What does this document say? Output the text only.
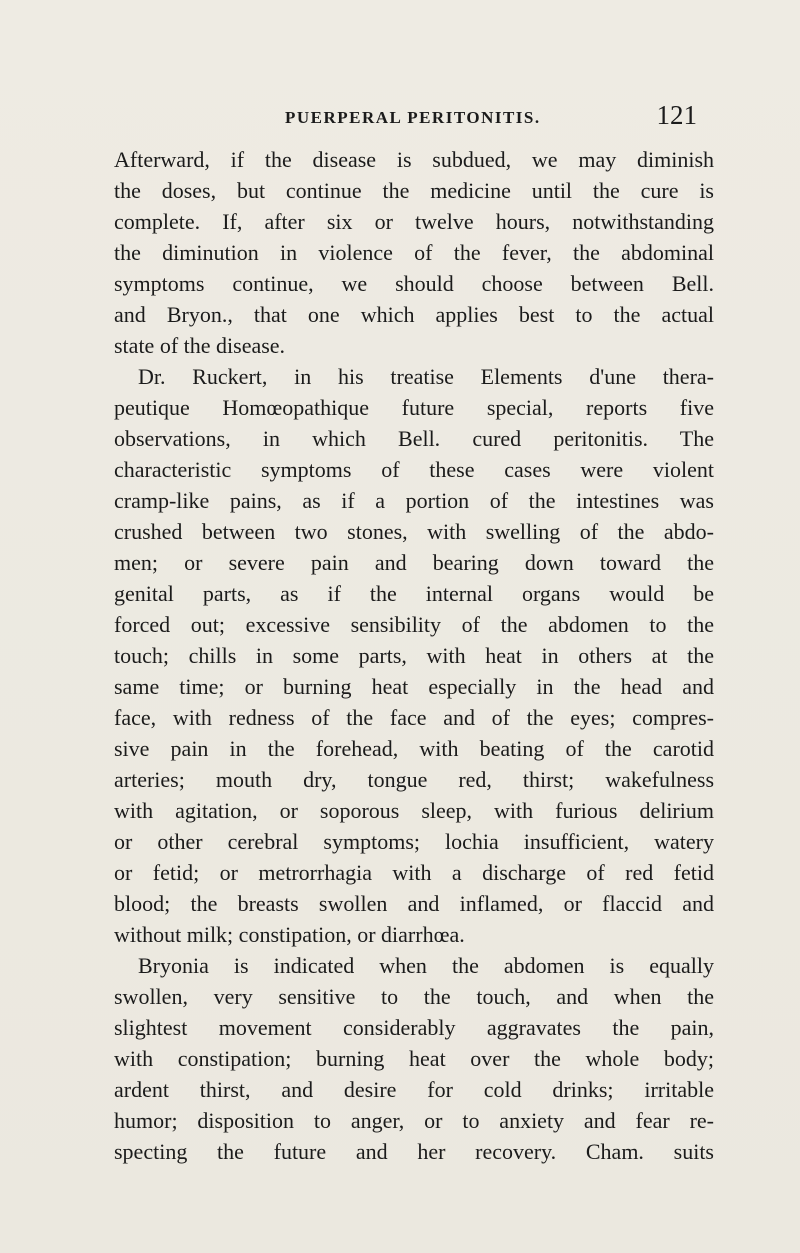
PUERPERAL PERITONITIS.	121
Afterward, if the disease is subdued, we may diminish
the doses, but continue the medicine until the cure is
complete. If, after six or twelve hours, notwithstanding
the diminution in violence of the fever, the abdominal
symptoms continue, we should choose between Bell.
and Bryon., that one which applies best to the actual
state of the disease.
Dr. Ruckert, in his treatise Elements d'une thera-
peutique Homœopathique future special, reports five
observations, in which Bell. cured peritonitis. The
characteristic symptoms of these cases were violent
cramp-like pains, as if a portion of the intestines was
crushed between two stones, with swelling of the abdo-
men; or severe pain and bearing down toward the
genital parts, as if the internal organs would be
forced out; excessive sensibility of the abdomen to the
touch; chills in some parts, with heat in others at the
same time; or burning heat especially in the head and
face, with redness of the face and of the eyes; compres-
sive pain in the forehead, with beating of the carotid
arteries; mouth dry, tongue red, thirst; wakefulness
with agitation, or soporous sleep, with furious delirium
or other cerebral symptoms; lochia insufficient, watery
or fetid; or metrorrhagia with a discharge of red fetid
blood; the breasts swollen and inflamed, or flaccid and
without milk; constipation, or diarrhœa.
Bryonia is indicated when the abdomen is equally
swollen, very sensitive to the touch, and when the
slightest movement considerably aggravates the pain,
with constipation; burning heat over the whole body;
ardent thirst, and desire for cold drinks; irritable
humor; disposition to anger, or to anxiety and fear re-
specting the future and her recovery. Cham. suits
